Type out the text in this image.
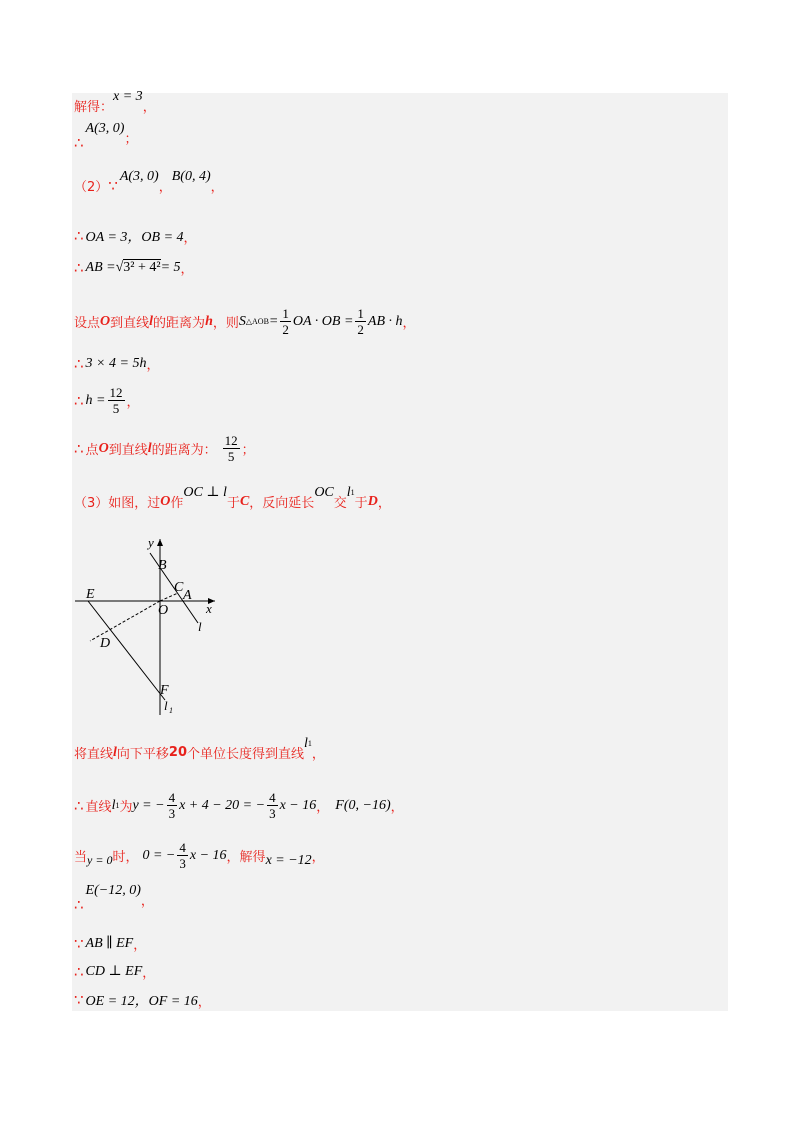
解得：
x = 3
，
∴
A(3, 0)
；
（2） ∵
A(3, 0)
，
B(0, 4)
，
∴ OA = 3，OB = 4 ，
∴ AB = √ 3² + 4² = 5 ，
设点 O 到直线 l 的距离为 h ，则 S △AOB = $\frac{1}{2}$ OA · OB = $\frac{1}{2}$ AB · h ，
∴ 3 × 4 = 5h ，
∴ $h = \frac{12}{5}$ ，
∴ 点 O 到直线 l 的距离为： $\frac{12}{5}$ ；
（3）如图，过 O 作
OC ⊥ l
于 C ，反向延长
OC
交
l 1
于 D ，
y
x
B
C
O
A
l
E
D
F
l 1
将直线 l 向下平移 20 个单位长度得到直线
l 1
，
∴ 直线 l 1 为 y = − $\frac{4}{3}$ x + 4 − 20 = − $\frac{4}{3}$ x − 16 ， F(0, −16) ，
当 y = 0 时， 0 = − $\frac{4}{3}$ x − 16 ，解得 x = −12 ，
∴
E(−12, 0)
，
∵ AB ∥ EF ，
∴ CD ⊥ EF ，
∵ OE = 12，OF = 16 ，
